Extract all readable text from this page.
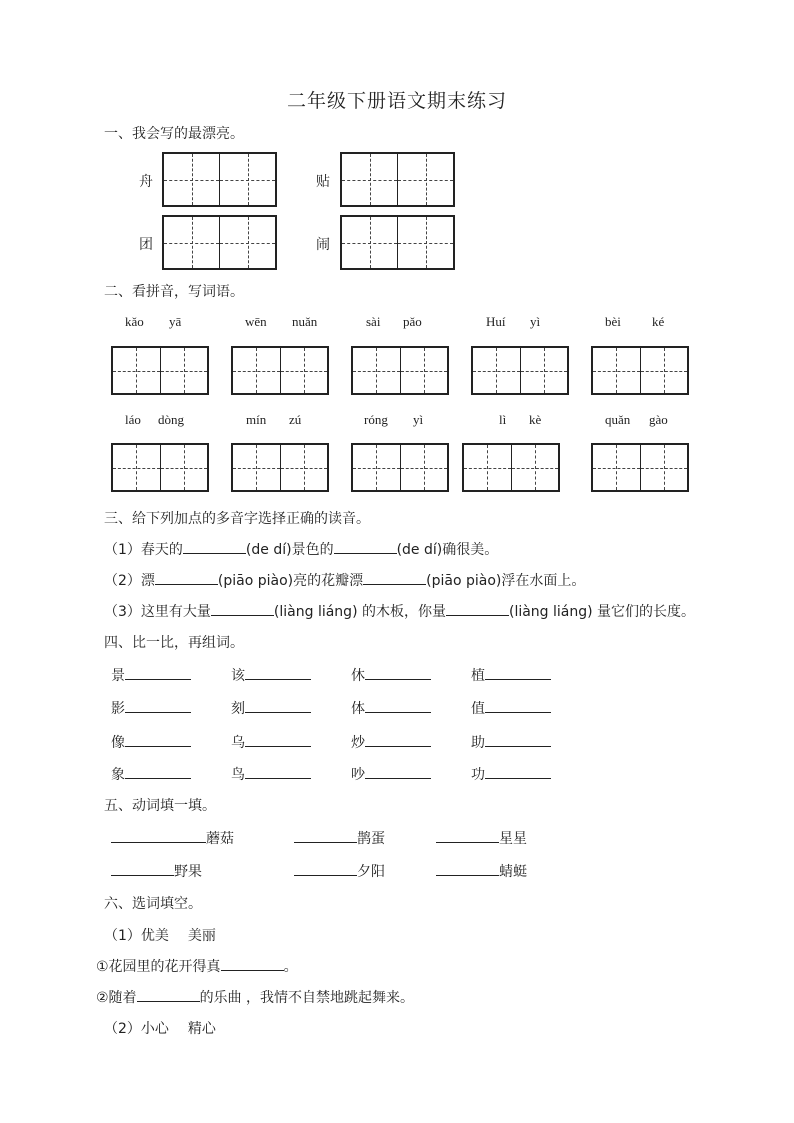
二年级下册语文期末练习
一、我会写的最漂亮。
舟	贴
团	闹
二、看拼音，写词语。
kǎo yā	wēn nuǎn	sài pǎo	Huí yì	bèi ké
láo dòng	mín zú	róng yì	lì kè	quǎn gào
三、给下列加点的多音字选择正确的读音。
（1）春天的	(de dí)景色的	(de dí)确很美。
（2）漂	(piāo piào)亮的花瓣漂	(piāo piào)浮在水面上。
（3）这里有大量	(liàng liáng) 的木板，你量	(liàng liáng) 量它们的长度。
四、比一比，再组词。
景	该	休	植
影	刻	体	值
像	乌	炒	助
象	鸟	吵	功
五、动词填一填。
蘑菇	鹊蛋	星星
野果	夕阳	蜻蜓
六、选词填空。
（1）优美 美丽
①花园里的花开得真	。
②随着	的乐曲 ，我情不自禁地跳起舞来。
（2）小心 精心
